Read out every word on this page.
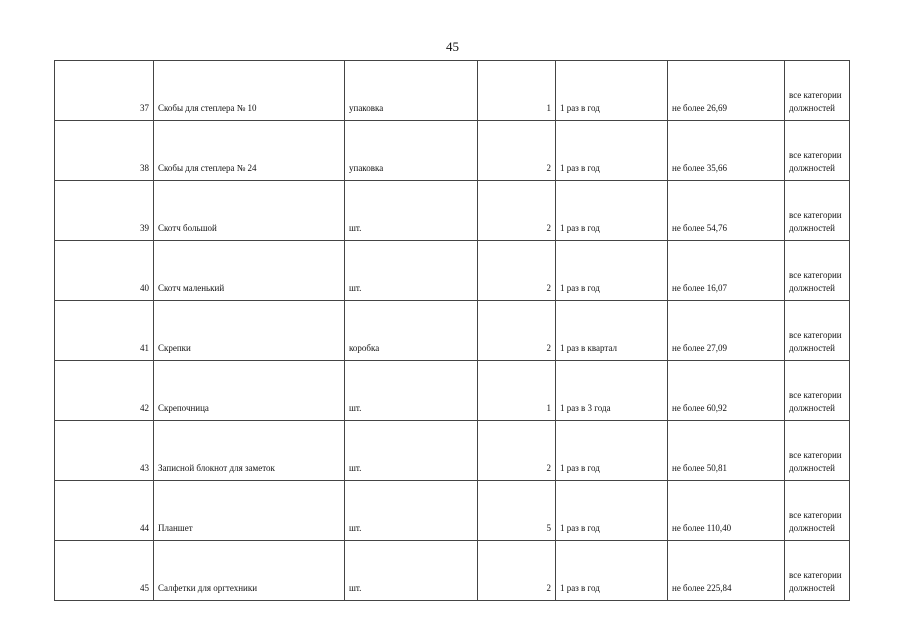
45
37	Скобы для степлера № 10	упаковка	1	1 раз в год	не более 26,69	все категории должностей

38	Скобы для степлера № 24	упаковка	2	1 раз в год	не более 35,66	все категории должностей

39	Скотч большой	шт.	2	1 раз в год	не более 54,76	все категории должностей

40	Скотч маленький	шт.	2	1 раз в год	не более 16,07	все категории должностей

41	Скрепки	коробка	2	1 раз в квартал	не более 27,09	все категории должностей

42	Скрепочница	шт.	1	1 раз в 3 года	не более 60,92	все категории должностей

43	Записной блокнот для заметок	шт.	2	1 раз в год	не более 50,81	все категории должностей

44	Планшет	шт.	5	1 раз в год	не более 110,40	все категории должностей

45	Салфетки для оргтехники	шт.	2	1 раз в год	не более 225,84	все категории должностей
